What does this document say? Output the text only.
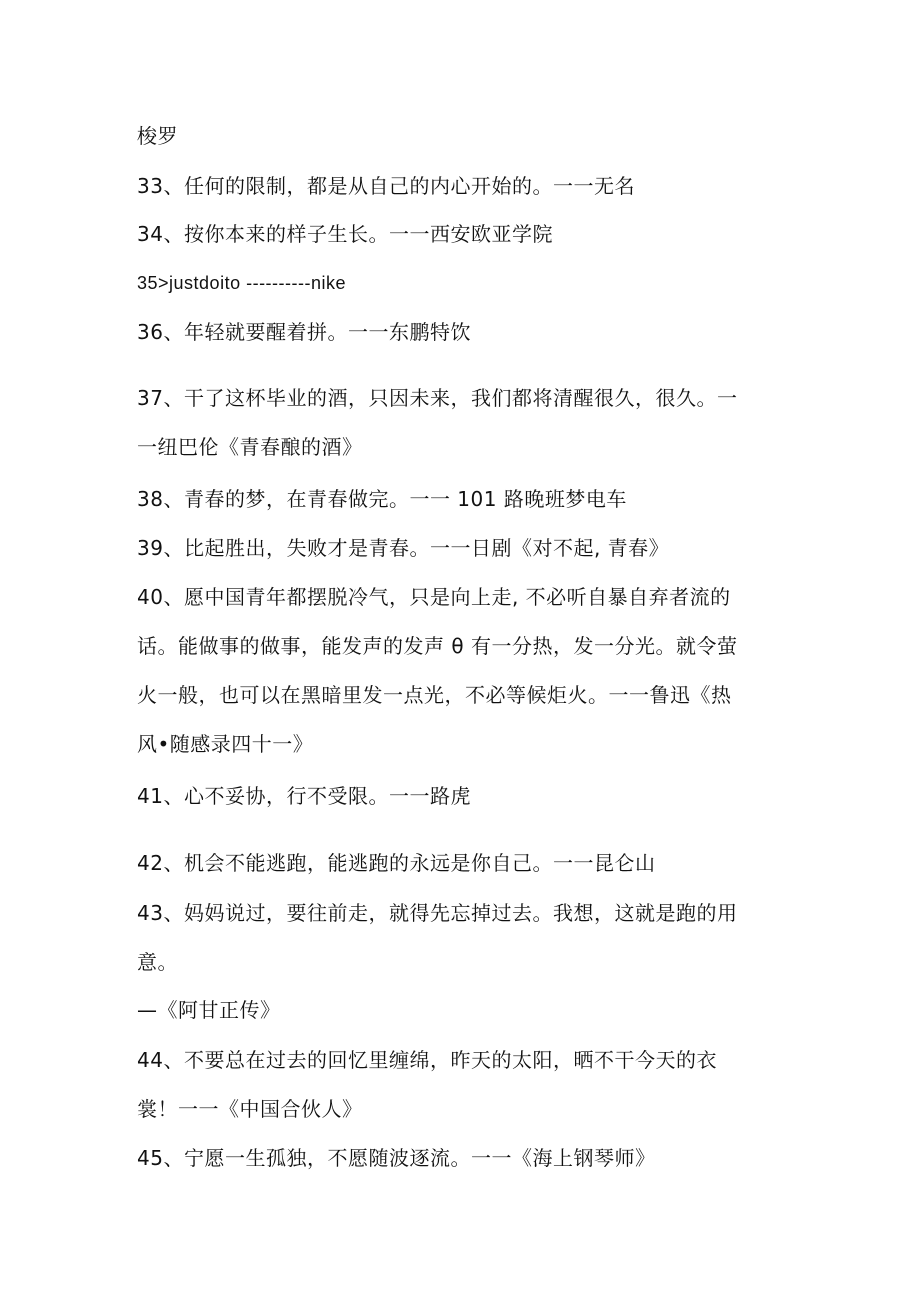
梭罗
33、任何的限制，都是从自己的内心开始的。一一无名
34、按你本来的样子生长。一一西安欧亚学院
35>justdoito ----------nike
36、年轻就要醒着拼。一一东鹏特饮
37、干了这杯毕业的酒，只因未来，我们都将清醒很久，很久。一
一纽巴伦《青春酿的酒》
38、青春的梦，在青春做完。一一 101 路晚班梦电车
39、比起胜出，失败才是青春。一一日剧《对不起, 青春》
40、愿中国青年都摆脱冷气，只是向上走, 不必听自暴自弃者流的
话。能做事的做事，能发声的发声 θ 有一分热，发一分光。就令萤
火一般，也可以在黑暗里发一点光，不必等候炬火。一一鲁迅《热
风•随感录四十一》
41、心不妥协，行不受限。一一路虎
42、机会不能逃跑，能逃跑的永远是你自己。一一昆仑山
43、妈妈说过，要往前走，就得先忘掉过去。我想，这就是跑的用
意。
—《阿甘正传》
44、不要总在过去的回忆里缠绵，昨天的太阳，晒不干今天的衣
裳！一一《中国合伙人》
45、宁愿一生孤独，不愿随波逐流。一一《海上钢琴师》
